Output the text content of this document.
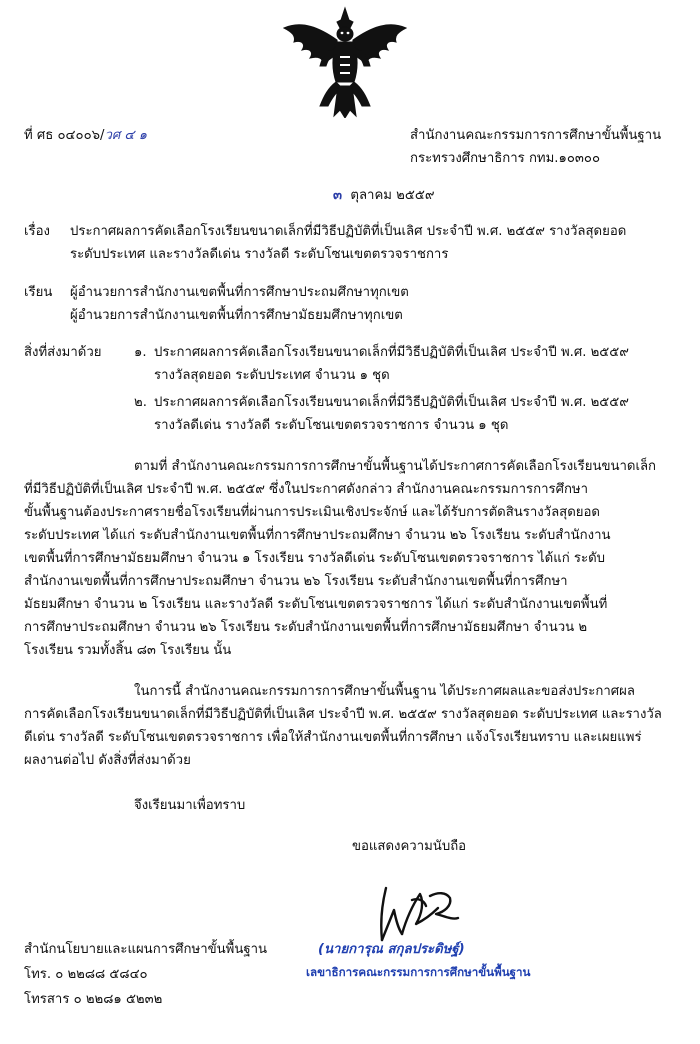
ที่ ศธ ๐๔๐๐๖/วศ ๔ ๑	สำนักงานคณะกรรมการการศึกษาขั้นพื้นฐาน
กระทรวงศึกษาธิการ กทม.๑๐๓๐๐
๓ ตุลาคม ๒๕๕๙
เรื่อง ประกาศผลการคัดเลือกโรงเรียนขนาดเล็กที่มีวิธีปฏิบัติที่เป็นเลิศ ประจำปี พ.ศ. ๒๕๕๙ รางวัลสุดยอด
ระดับประเทศ และรางวัลดีเด่น รางวัลดี ระดับโซนเขตตรวจราชการ
เรียน ผู้อำนวยการสำนักงานเขตพื้นที่การศึกษาประถมศึกษาทุกเขต
ผู้อำนวยการสำนักงานเขตพื้นที่การศึกษามัธยมศึกษาทุกเขต
สิ่งที่ส่งมาด้วย ๑. ประกาศผลการคัดเลือกโรงเรียนขนาดเล็กที่มีวิธีปฏิบัติที่เป็นเลิศ ประจำปี พ.ศ. ๒๕๕๙
รางวัลสุดยอด ระดับประเทศ จำนวน ๑ ชุด
๒. ประกาศผลการคัดเลือกโรงเรียนขนาดเล็กที่มีวิธีปฏิบัติที่เป็นเลิศ ประจำปี พ.ศ. ๒๕๕๙
รางวัลดีเด่น รางวัลดี ระดับโซนเขตตรวจราชการ จำนวน ๑ ชุด
ตามที่ สำนักงานคณะกรรมการการศึกษาขั้นพื้นฐานได้ประกาศการคัดเลือกโรงเรียนขนาดเล็ก
ที่มีวิธีปฏิบัติที่เป็นเลิศ ประจำปี พ.ศ. ๒๕๕๙ ซึ่งในประกาศดังกล่าว สำนักงานคณะกรรมการการศึกษา
ขั้นพื้นฐานต้องประกาศรายชื่อโรงเรียนที่ผ่านการประเมินเชิงประจักษ์ และได้รับการตัดสินรางวัลสุดยอด
ระดับประเทศ ได้แก่ ระดับสำนักงานเขตพื้นที่การศึกษาประถมศึกษา จำนวน ๒๖ โรงเรียน ระดับสำนักงาน
เขตพื้นที่การศึกษามัธยมศึกษา จำนวน ๑ โรงเรียน รางวัลดีเด่น ระดับโซนเขตตรวจราชการ ได้แก่ ระดับ
สำนักงานเขตพื้นที่การศึกษาประถมศึกษา จำนวน ๒๖ โรงเรียน ระดับสำนักงานเขตพื้นที่การศึกษา
มัธยมศึกษา จำนวน ๒ โรงเรียน และรางวัลดี ระดับโซนเขตตรวจราชการ ได้แก่ ระดับสำนักงานเขตพื้นที่
การศึกษาประถมศึกษา จำนวน ๒๖ โรงเรียน ระดับสำนักงานเขตพื้นที่การศึกษามัธยมศึกษา จำนวน ๒
โรงเรียน รวมทั้งสิ้น ๘๓ โรงเรียน นั้น
ในการนี้ สำนักงานคณะกรรมการการศึกษาขั้นพื้นฐาน ได้ประกาศผลและขอส่งประกาศผล
การคัดเลือกโรงเรียนขนาดเล็กที่มีวิธีปฏิบัติที่เป็นเลิศ ประจำปี พ.ศ. ๒๕๕๙ รางวัลสุดยอด ระดับประเทศ และรางวัล
ดีเด่น รางวัลดี ระดับโซนเขตตรวจราชการ เพื่อให้สำนักงานเขตพื้นที่การศึกษา แจ้งโรงเรียนทราบ และเผยแพร่
ผลงานต่อไป ดังสิ่งที่ส่งมาด้วย
จึงเรียนมาเพื่อทราบ
ขอแสดงความนับถือ
(นายการุณ สกุลประดิษฐ์)
เลขาธิการคณะกรรมการการศึกษาขั้นพื้นฐาน
สำนักนโยบายและแผนการศึกษาขั้นพื้นฐาน
โทร. ๐ ๒๒๘๘ ๕๘๔๐
โทรสาร ๐ ๒๒๘๑ ๕๒๓๒
